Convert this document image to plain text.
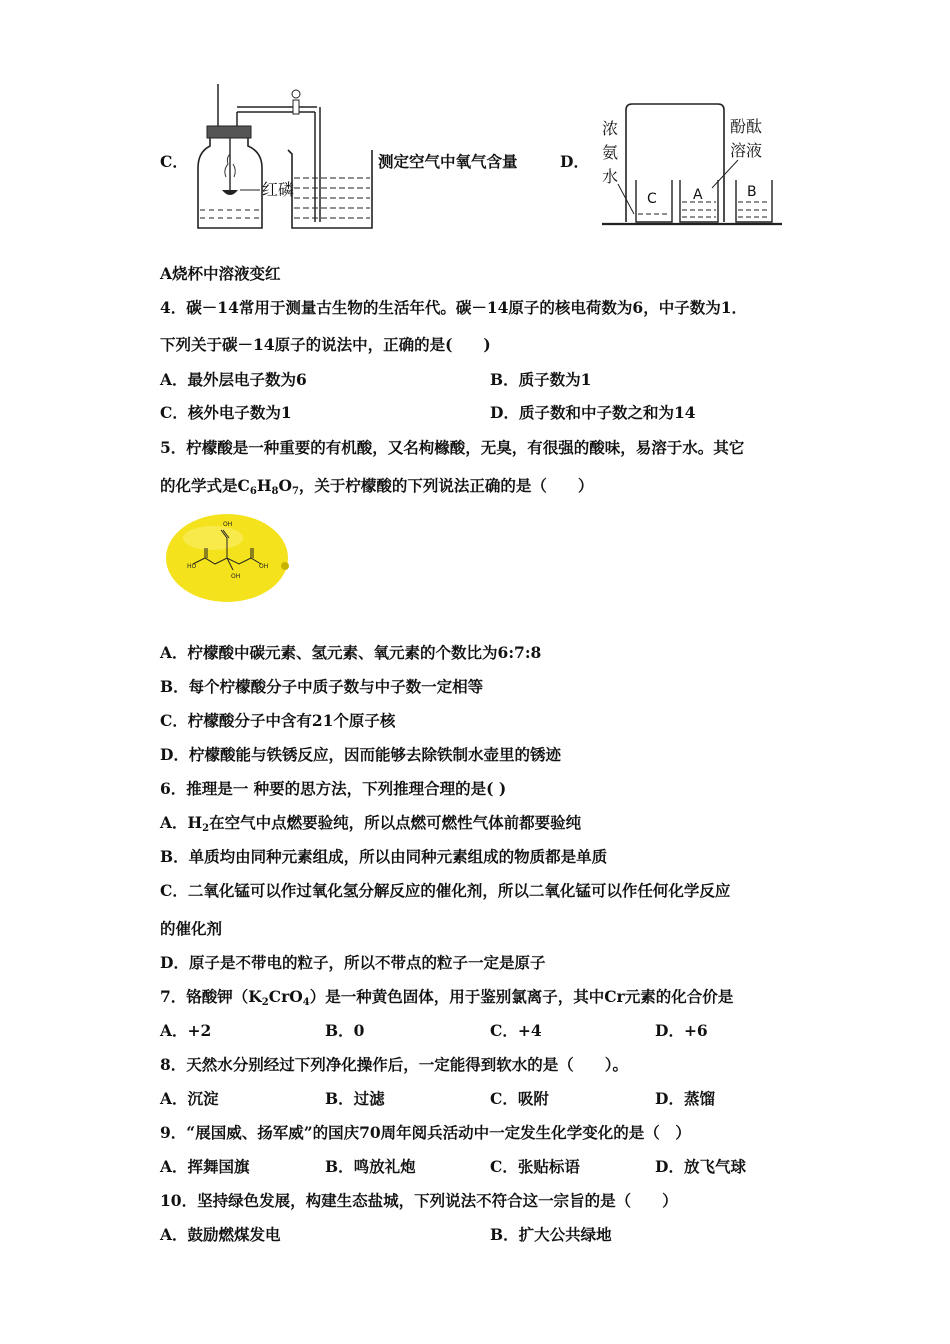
C．
红磷
测定空气中氧气含量	D．
浓
氨
水
酚酞
溶液
C	A	B
A烧杯中溶液变红
4．碳－14常用于测量古生物的生活年代。碳－14原子的核电荷数为6，中子数为1．
下列关于碳－14原子的说法中，正确的是(　　)
A．最外层电子数为6	B．质子数为1
C．核外电子数为1	D．质子数和中子数之和为14
5．柠檬酸是一种重要的有机酸，又名枸橼酸，无臭，有很强的酸味，易溶于水。其它
的化学式是$C_6H_8O_7$，关于柠檬酸的下列说法正确的是（　　）
OH
HO	OH
OH
A．柠檬酸中碳元素、氢元素、氧元素的个数比为6:7:8
B．每个柠檬酸分子中质子数与中子数一定相等
C．柠檬酸分子中含有21个原子核
D．柠檬酸能与铁锈反应，因而能够去除铁制水壶里的锈迹
6．推理是一 种要的思方法，下列推理合理的是( )
A．$H_2$在空气中点燃要验纯，所以点燃可燃性气体前都要验纯
B．单质均由同种元素组成，所以由同种元素组成的物质都是单质
C．二氧化锰可以作过氧化氢分解反应的催化剂，所以二氧化锰可以作任何化学反应
的催化剂
D．原子是不带电的粒子，所以不带点的粒子一定是原子
7．铬酸钾$(K_2CrO_4)$是一种黄色固体，用于鉴别氯离子，其中Cr元素的化合价是
A．+2	B．0	C．+4	D．+6
8．天然水分别经过下列净化操作后，一定能得到软水的是（　　）。
A．沉淀	B．过滤	C．吸附	D．蒸馏
9．“展国威、扬军威”的国庆70周年阅兵活动中一定发生化学变化的是（　）
A．挥舞国旗	B．鸣放礼炮	C．张贴标语	D．放飞气球
10．坚持绿色发展，构建生态盐城，下列说法不符合这一宗旨的是（　　）
A．鼓励燃煤发电	B．扩大公共绿地
